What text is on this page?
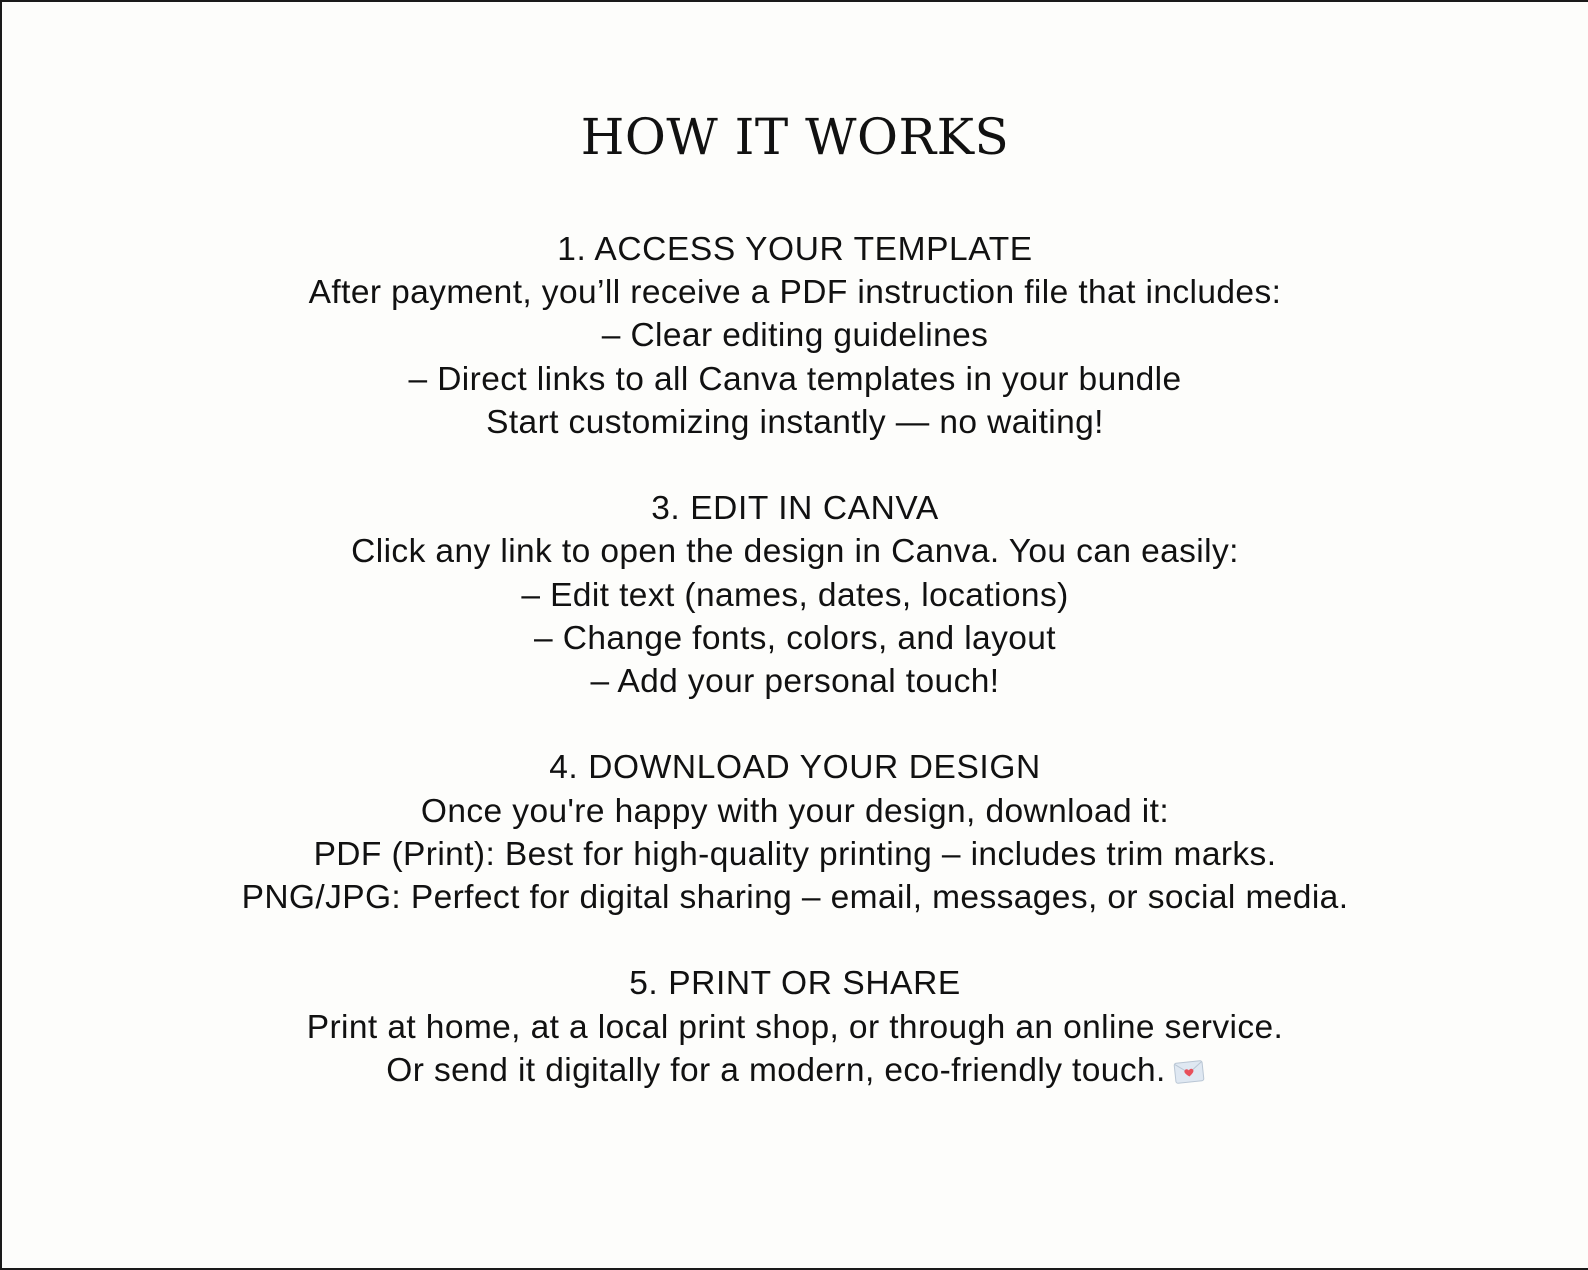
HOW IT WORKS

1. ACCESS YOUR TEMPLATE

After payment, you’ll receive a PDF instruction file that includes:

– Clear editing guidelines

– Direct links to all Canva templates in your bundle

Start customizing instantly — no waiting!

3. EDIT IN CANVA

Click any link to open the design in Canva. You can easily:

– Edit text (names, dates, locations)

– Change fonts, colors, and layout

– Add your personal touch!

4. DOWNLOAD YOUR DESIGN

Once you're happy with your design, download it:

PDF (Print): Best for high-quality printing – includes trim marks.

PNG/JPG: Perfect for digital sharing – email, messages, or social media.

5. PRINT OR SHARE

Print at home, at a local print shop, or through an online service.

Or send it digitally for a modern, eco-friendly touch.
